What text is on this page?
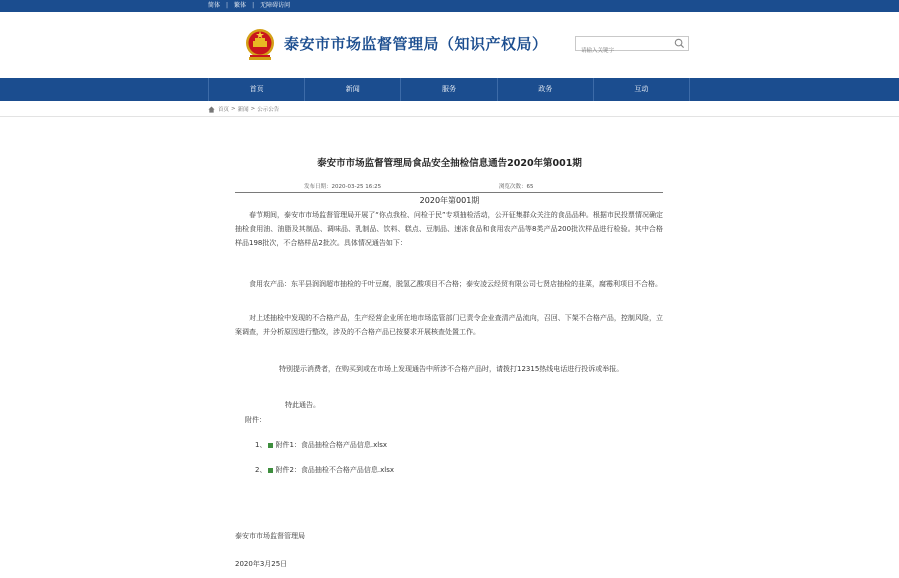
简体 | 繁体 | 无障碍访问
泰安市市场监督管理局（知识产权局）
请输入关键字
首页	新闻	服务	政务	互动
首页 > 新闻 > 公示公告
泰安市市场监督管理局食品安全抽检信息通告2020年第001期
发布日期：2020-03-25 16:25	浏览次数：65
2020年第001期

春节期间，泰安市市场监督管理局开展了“你点我检、问检于民”专项抽检活动，公开征集群众关注的食品品种。根据市民投票情况确定抽检食用油、油脂及其制品、调味品、乳制品、饮料、糕点、豆制品、速冻食品和食用农产品等8类产品200批次样品进行检验。其中合格样品198批次，不合格样品2批次。具体情况通告如下：

食用农产品：东平县润润超市抽检的千叶豆腐，脱氢乙酸项目不合格；泰安凌云经贸有限公司七贤店抽检的韭菜，腐霉利项目不合格。

对上述抽检中发现的不合格产品，生产经营企业所在地市场监管部门已责令企业查清产品流向，召回、下架不合格产品，控制风险，立案调查，并分析原因进行整改，涉及的不合格产品已按要求开展核查处置工作。

特别提示消费者，在购买到或在市场上发现通告中所涉不合格产品时，请拨打12315热线电话进行投诉或举报。

特此通告。

附件：
1、 附件1：食品抽检合格产品信息.xlsx
2、 附件2：食品抽检不合格产品信息.xlsx
泰安市市场监督管理局
2020年3月25日
